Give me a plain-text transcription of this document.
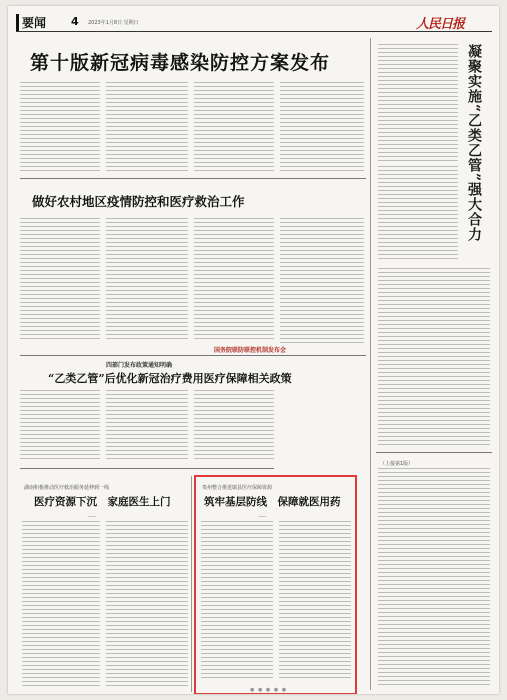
要闻 4 2023年1月8日 星期日	人民日报
第十版新冠病毒感染防控方案发布
做好农村地区疫情防控和医疗救治工作
国务院联防联控机制发布会
四部门发布政策通知明确
“乙类乙管”后优化新冠治疗费用医疗保障相关政策
湖南积极推动医疗救治服务延伸到一线
医疗资源下沉　家庭医生上门
——
贵州整合推进镇县医疗保障资源
筑牢基层防线　保障就医用药
——
● ● ● ● ●
凝聚实施“乙类乙管”强大合力
（上接第1版）
